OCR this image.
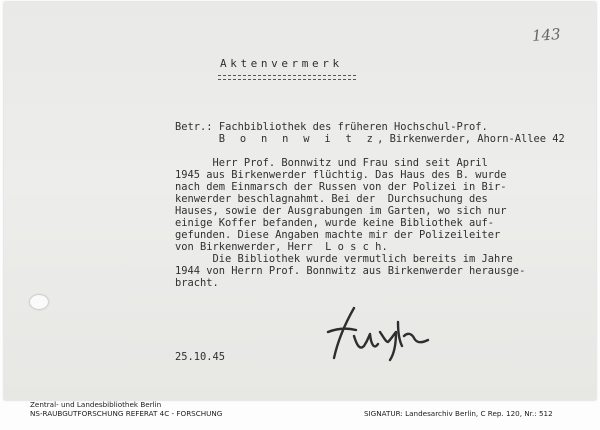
143
Aktenvermerk

Betr.: Fachbibliothek des früheren Hochschul-Prof.

B o n n w i t z, Birkenwerder, Ahorn-Allee 42

Herr Prof. Bonnwitz und Frau sind seit April

1945 aus Birkenwerder flüchtig. Das Haus des B. wurde

nach dem Einmarsch der Russen von der Polizei in Bir-

kenwerder beschlagnahmt. Bei der  Durchsuchung des

Hauses, sowie der Ausgrabungen im Garten, wo sich nur

einige Koffer befanden, wurde keine Bibliothek auf-

gefunden. Diese Angaben machte mir der Polizeileiter

von Birkenwerder, Herr  L o s c h.

Die Bibliothek wurde vermutlich bereits im Jahre

1944 von Herrn Prof. Bonnwitz aus Birkenwerder herausge-

bracht.

25.10.45

Zentral- und Landesbibliothek Berlin

NS-RAUBGUTFORSCHUNG REFERAT 4C - FORSCHUNG	SIGNATUR: Landesarchiv Berlin, C Rep. 120, Nr.: 512
